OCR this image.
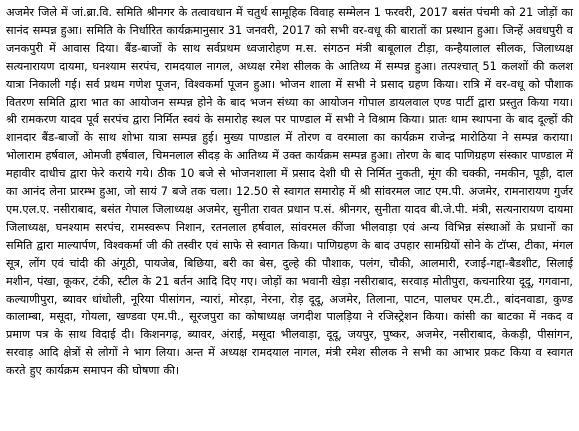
अजमेर जिले में जां.ब्रा.वि. समिति श्रीनगर के तत्वावधान में चतुर्थ सामूहिक विवाह सम्मेलन 1 फरवरी, 2017 बसंत पंचमी को 21 जोड़ों का सानंद सम्पन्न हुआ। समिति के निर्धारित कार्यक्रमानुसार 31 जनवरी, 2017 को सभी वर-वधू की बारातों का प्रस्थान हुआ। जिन्हें अवधपुरी व जनकपुरी में आवास दिया। बैंड-बाजों के साथ सर्वप्रथम ध्वजारोहण म.स. संगठन मंत्री बाबूलाल टीड़ा, कन्हैयालाल सीलक, जिलाध्यक्ष सत्यनारायण दायमा, घनश्याम सरपंच, रामदयाल नागल, अध्यक्ष रमेश सीलक के आतिथ्य में सम्पन्न हुआ। तत्पश्चात् 51 कलशों की कलश यात्रा निकाली गई। सर्व प्रथम गणेश पूजन, विश्वकर्मा पूजन हुआ। भोजन शाला में सभी ने प्रसाद ग्रहण किया। रात्रि में वर-वधू को पौशाक वितरण समिति द्वारा भात का आयोजन सम्पन्न होने के बाद भजन संध्या का आयोजन गोपाल डायलवाल एण्ड पार्टी द्वारा प्रस्तुत किया गया। श्री रामकरण यादव पूर्व सरपंच द्वारा निर्मित स्वयं के समारोह स्थल पर पाण्डाल में सभी ने विश्राम किया। प्रातः थाम स्थापना के बाद दूल्हों की शानदार बैंड-बाजों के साथ शोभा यात्रा सम्पन्न हुई। मुख्य पाण्डाल में तोरण व वरमाला का कार्यक्रम राजेन्द्र मारोठिया ने सम्पन्न कराया। भोलाराम हर्षवाल, ओमजी हर्षवाल, चिमनलाल सीदड़ के आतिथ्य में उक्त कार्यक्रम सम्पन्न हुआ। तोरण के बाद पाणिग्रहण संस्कार पाण्डाल में महावीर दाधीच द्वारा फेरे कराये गये। ठीक 10 बजे से भोजनशाला में प्रसाद देशी घी से निर्मित नुकती, मूंग की चक्की, नमकीन, पूड़ी, दाल का आनंद लेना प्रारम्भ हुआ, जो सायं 7 बजे तक चला। 12.50 से स्वागत समारोह में श्री सांवरमल जाट एम.पी. अजमेर, रामनारायण गुर्जर एम.एल.ए. नसीराबाद, बसंत गेपाल जिलाध्यक्ष अजमेर, सुनीता रावत प्रधान प.सं. श्रीनगर, सुनीता यादव बी.जे.पी. मंत्री, सत्यनारायण दायमा जिलाध्यक्ष, घनश्याम सरपंच, रामस्वरूप निशान, रतनलाल हर्षवाल, सांवरमल कींजा भीलवाड़ा एवं अन्य विभिन्न संस्थाओं के प्रधानों का समिति द्वारा माल्यार्पण, विश्वकर्मा जी की तस्वीर एवं साफे से स्वागत किया। पाणिग्रहण के बाद उपहार सामग्रियों सोने के टॉप्स, टीका, मंगल सूत्र, लोंग एवं चांदी की अंगूठी, पायजेब, बिछिया, बरी का बेस, दुल्हे की पौशाक, पलंग, चौकी, आलमारी, रजाई-गद्दा-बैडशीट, सिलाई मशीन, पंखा, कूकर, टंकी, स्टील के 21 बर्तन आदि दिए गए। जोड़ों का भवानी खेड़ा नसीराबाद, सरवाड़ मोतीपुरा, कचनारिया दूदू, गगवाना, कल्याणीपुरा, ब्यावर धांधोली, नूरिया पीसांगन, न्यारां, मोरड़ा, नेरना, रोड़ दूदू, अजमेर, तिलाना, पाटन, पालघर एम.टी., बांदनवाडा, कुण्ड कालाम्बा, मसूदा, गोयला, खण्डवा एम.पी., सूरजपुरा का कोषाध्यक्ष जगदीश पालड़िया ने रजिस्ट्रेशन किया। कांसी का बाटका में नकद व प्रमाण पत्र के साथ विदाई दी। किशनगढ़, ब्यावर, अंराई, मसूदा भीलवाड़ा, दूदू, जयपुर, पुष्कर, अजमेर, नसीराबाद, केकड़ी, पीसांगन, सरवाड़ आदि क्षेत्रों से लोगों ने भाग लिया। अन्त में अध्यक्ष रामदयाल नागल, मंत्री रमेश सीलक ने सभी का आभार प्रकट किया व स्वागत करते हुए कार्यक्रम समापन की घोषणा की।
